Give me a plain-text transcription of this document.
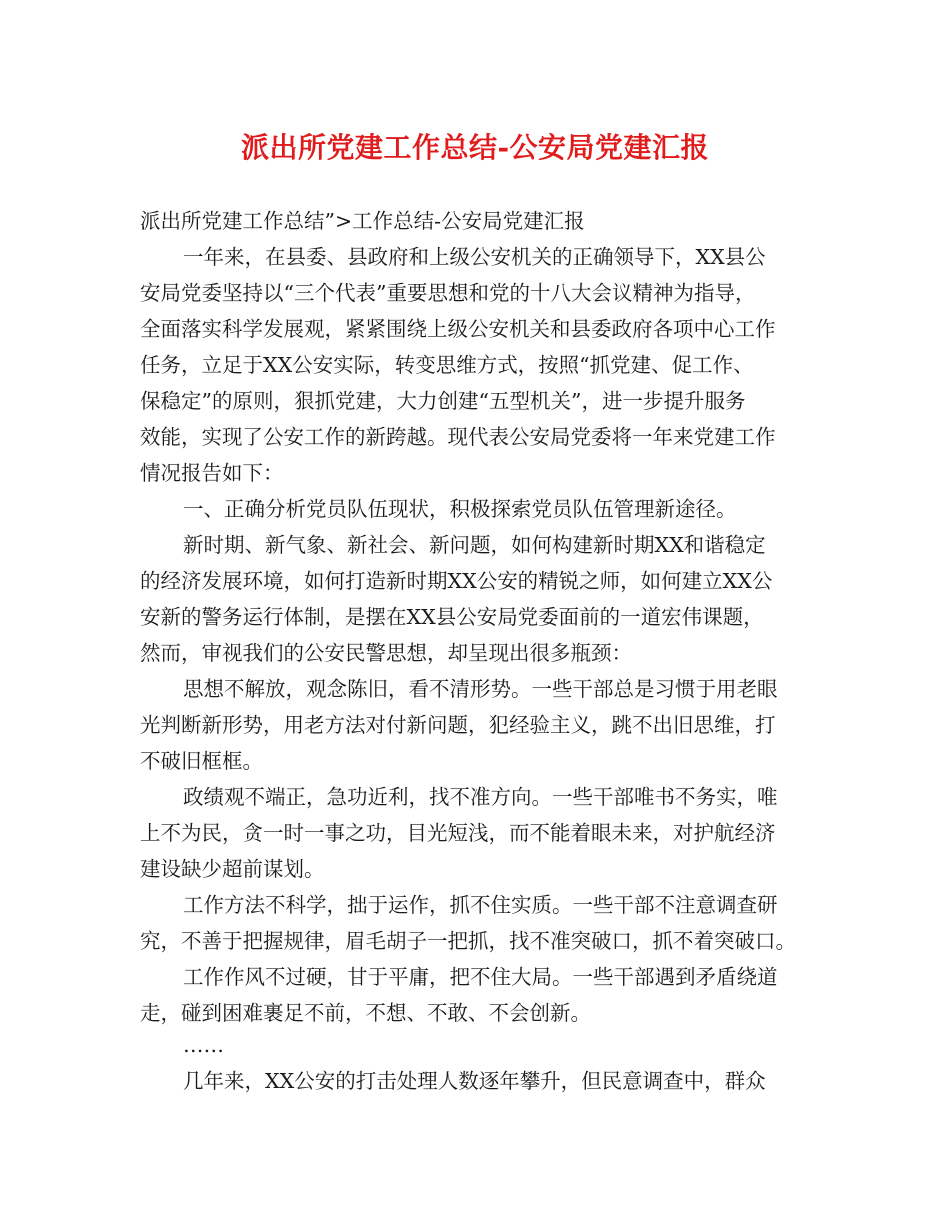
派出所党建工作总结-公安局党建汇报
派出所党建工作总结”>工作总结-公安局党建汇报
一年来，在县委、县政府和上级公安机关的正确领导下，XX县公
安局党委坚持以“三个代表”重要思想和党的十八大会议精神为指导，
全面落实科学发展观，紧紧围绕上级公安机关和县委政府各项中心工作
任务，立足于XX公安实际，转变思维方式，按照“抓党建、促工作、
保稳定”的原则，狠抓党建，大力创建“五型机关”，进一步提升服务
效能，实现了公安工作的新跨越。现代表公安局党委将一年来党建工作
情况报告如下：
一、正确分析党员队伍现状，积极探索党员队伍管理新途径。
新时期、新气象、新社会、新问题，如何构建新时期XX和谐稳定
的经济发展环境，如何打造新时期XX公安的精锐之师，如何建立XX公
安新的警务运行体制，是摆在XX县公安局党委面前的一道宏伟课题，
然而，审视我们的公安民警思想，却呈现出很多瓶颈：
思想不解放，观念陈旧，看不清形势。一些干部总是习惯于用老眼
光判断新形势，用老方法对付新问题，犯经验主义，跳不出旧思维，打
不破旧框框。
政绩观不端正，急功近利，找不准方向。一些干部唯书不务实，唯
上不为民，贪一时一事之功，目光短浅，而不能着眼未来，对护航经济
建设缺少超前谋划。
工作方法不科学，拙于运作，抓不住实质。一些干部不注意调查研
究，不善于把握规律，眉毛胡子一把抓，找不准突破口，抓不着突破口。
工作作风不过硬，甘于平庸，把不住大局。一些干部遇到矛盾绕道
走，碰到困难裹足不前，不想、不敢、不会创新。
……
几年来，XX公安的打击处理人数逐年攀升，但民意调查中，群众
